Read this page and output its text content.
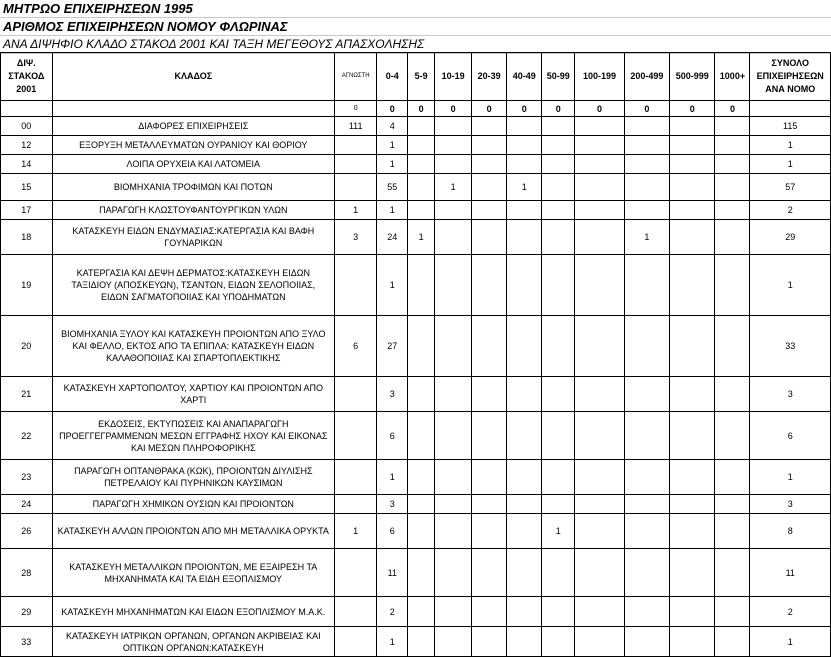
ΜΗΤΡΩΟ ΕΠΙΧΕΙΡΗΣΕΩΝ 1995
ΑΡΙΘΜΟΣ ΕΠΙΧΕΙΡΗΣΕΩΝ ΝΟΜΟΥ ΦΛΩΡΙΝΑΣ
ΑΝΑ ΔΙΨΗΦΙΟ ΚΛΑΔΟ ΣΤΑΚΟΔ 2001 ΚΑΙ ΤΑΞΗ ΜΕΓΕΘΟΥΣ ΑΠΑΣΧΟΛΗΣΗΣ
ΔΙΨ. ΣΤΑΚΟΔ 2001	ΚΛΑΔΟΣ	ΑΓΝΩΣΤΗ	0-4	5-9	10-19	20-39	40-49	50-99	100-199	200-499	500-999	1000+	ΣΥΝΟΛΟ ΕΠΙΧΕΙΡΗΣΕΩΝ ΑΝΑ ΝΟΜΟ
		0	0	0	0	0	0	0	0	0	0	0	
00	ΔΙΑΦΟΡΕΣ ΕΠΙΧΕΙΡΗΣΕΙΣ	111	4										115
12	ΕΞΟΡΥΞΗ ΜΕΤΑΛΛΕΥΜΑΤΩΝ ΟΥΡΑΝΙΟΥ ΚΑΙ ΘΟΡΙΟΥ		1										1
14	ΛΟΙΠΑ ΟΡΥΧΕΙΑ ΚΑΙ ΛΑΤΟΜΕΙΑ		1										1
15	ΒΙΟΜΗΧΑΝΙΑ ΤΡΟΦΙΜΩΝ ΚΑΙ ΠΟΤΩΝ		55		1		1						57
17	ΠΑΡΑΓΩΓΗ ΚΛΩΣΤΟΥΦΑΝΤΟΥΡΓΙΚΩΝ ΥΛΩΝ	1	1										2
18	ΚΑΤΑΣΚΕΥΗ ΕΙΔΩΝ ΕΝΔΥΜΑΣΙΑΣ:ΚΑΤΕΡΓΑΣΙΑ ΚΑΙ ΒΑΦΗ ΓΟΥΝΑΡΙΚΩΝ	3	24	1						1			29
19	ΚΑΤΕΡΓΑΣΙΑ ΚΑΙ ΔΕΨΗ ΔΕΡΜΑΤΟΣ:ΚΑΤΑΣΚΕΥΗ ΕΙΔΩΝ ΤΑΞΙΔΙΟΥ (ΑΠΟΣΚΕΥΩΝ), ΤΣΑΝΤΩΝ, ΕΙΔΩΝ ΣΕΛΟΠΟΙΙΑΣ, ΕΙΔΩΝ ΣΑΓΜΑΤΟΠΟΙΙΑΣ ΚΑΙ ΥΠΟΔΗΜΑΤΩΝ		1										1
20	ΒΙΟΜΗΧΑΝΙΑ ΞΥΛΟΥ ΚΑΙ ΚΑΤΑΣΚΕΥΗ ΠΡΟΙΟΝΤΩΝ ΑΠΟ ΞΥΛΟ ΚΑΙ ΦΕΛΛΟ, ΕΚΤΟΣ ΑΠΟ ΤΑ ΕΠΙΠΛΑ: ΚΑΤΑΣΚΕΥΗ ΕΙΔΩΝ ΚΑΛΑΘΟΠΟΙΙΑΣ ΚΑΙ ΣΠΑΡΤΟΠΛΕΚΤΙΚΗΣ	6	27										33
21	ΚΑΤΑΣΚΕΥΗ ΧΑΡΤΟΠΟΛΤΟΥ, ΧΑΡΤΙΟΥ ΚΑΙ ΠΡΟΙΟΝΤΩΝ ΑΠΟ ΧΑΡΤΙ		3										3
22	ΕΚΔΟΣΕΙΣ, ΕΚΤΥΠΩΣΕΙΣ ΚΑΙ ΑΝΑΠΑΡΑΓΩΓΗ ΠΡΟΕΓΓΕΓΡΑΜΜΕΝΩΝ ΜΕΣΩΝ ΕΓΓΡΑΦΗΣ ΗΧΟΥ ΚΑΙ ΕΙΚΟΝΑΣ ΚΑΙ ΜΕΣΩΝ ΠΛΗΡΟΦΟΡΙΚΗΣ		6										6
23	ΠΑΡΑΓΩΓΗ ΟΠΤΑΝΘΡΑΚΑ (ΚΩΚ), ΠΡΟΙΟΝΤΩΝ ΔΙΥΛΙΣΗΣ ΠΕΤΡΕΛΑΙΟΥ ΚΑΙ ΠΥΡΗΝΙΚΩΝ ΚΑΥΣΙΜΩΝ		1										1
24	ΠΑΡΑΓΩΓΗ ΧΗΜΙΚΩΝ ΟΥΣΙΩΝ ΚΑΙ ΠΡΟΙΟΝΤΩΝ		3										3
26	ΚΑΤΑΣΚΕΥΗ ΑΛΛΩΝ ΠΡΟΙΟΝΤΩΝ ΑΠΟ ΜΗ ΜΕΤΑΛΛΙΚΑ ΟΡΥΚΤΑ	1	6					1					8
28	ΚΑΤΑΣΚΕΥΗ ΜΕΤΑΛΛΙΚΩΝ ΠΡΟΙΟΝΤΩΝ, ΜΕ ΕΞΑΙΡΕΣΗ ΤΑ ΜΗΧΑΝΗΜΑΤΑ ΚΑΙ ΤΑ ΕΙΔΗ ΕΞΟΠΛΙΣΜΟΥ		11										11
29	ΚΑΤΑΣΚΕΥΗ ΜΗΧΑΝΗΜΑΤΩΝ ΚΑΙ ΕΙΔΩΝ ΕΞΟΠΛΙΣΜΟΥ Μ.Α.Κ.		2										2
33	ΚΑΤΑΣΚΕΥΗ ΙΑΤΡΙΚΩΝ ΟΡΓΑΝΩΝ, ΟΡΓΑΝΩΝ ΑΚΡΙΒΕΙΑΣ ΚΑΙ ΟΠΤΙΚΩΝ ΟΡΓΑΝΩΝ:ΚΑΤΑΣΚΕΥΗ		1										1
